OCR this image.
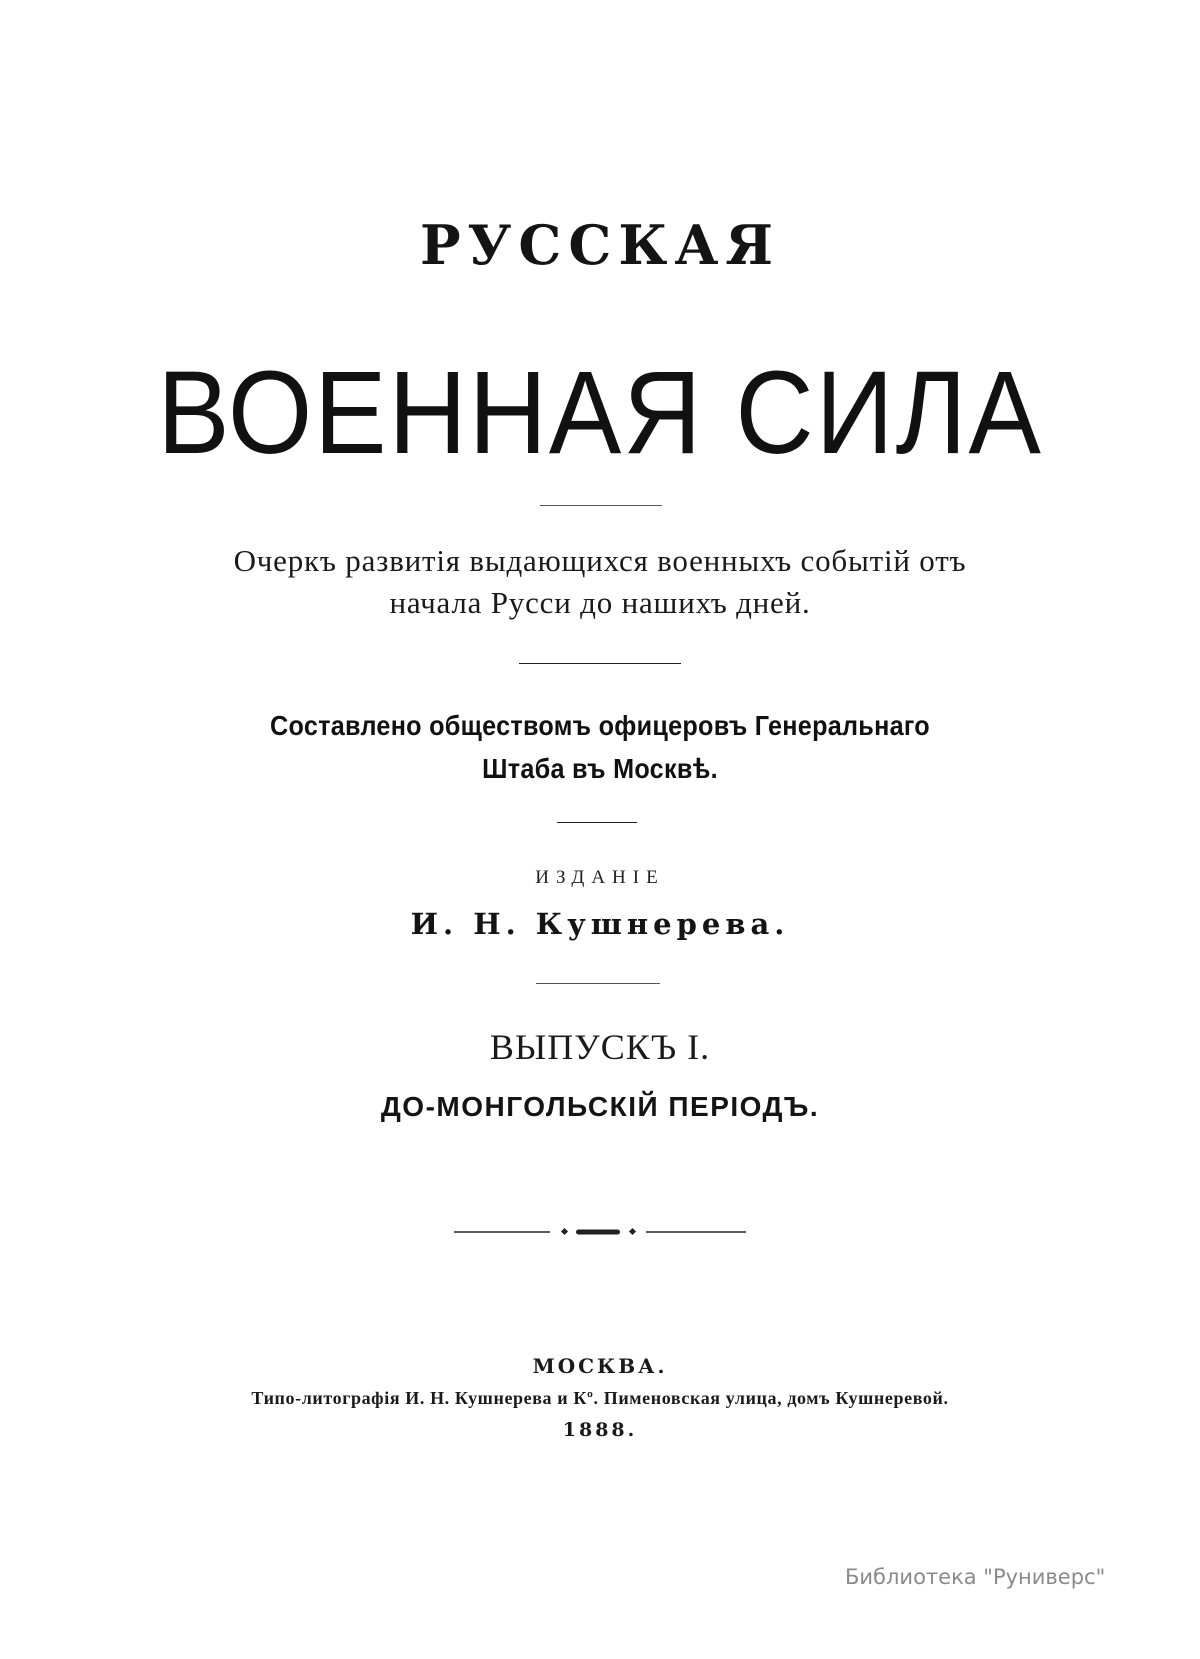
РУССКАЯ
ВОЕННАЯ СИЛА
Очеркъ развитія выдающихся военныхъ событій отъ
начала Русси до нашихъ дней.
Составлено обществомъ офицеровъ Генеральнаго
Штаба въ Москвѣ.
ИЗДАНІЕ
И. Н. Кушнерева.
ВЫПУСКЪ I.
ДО-МОНГОЛЬСКІЙ ПЕРІОДЪ.
МОСКВА.
Типо-литографія И. Н. Кушнерева и Кº. Пименовская улица, домъ Кушнеревой.
1888.
Библиотека "Руниверс"
